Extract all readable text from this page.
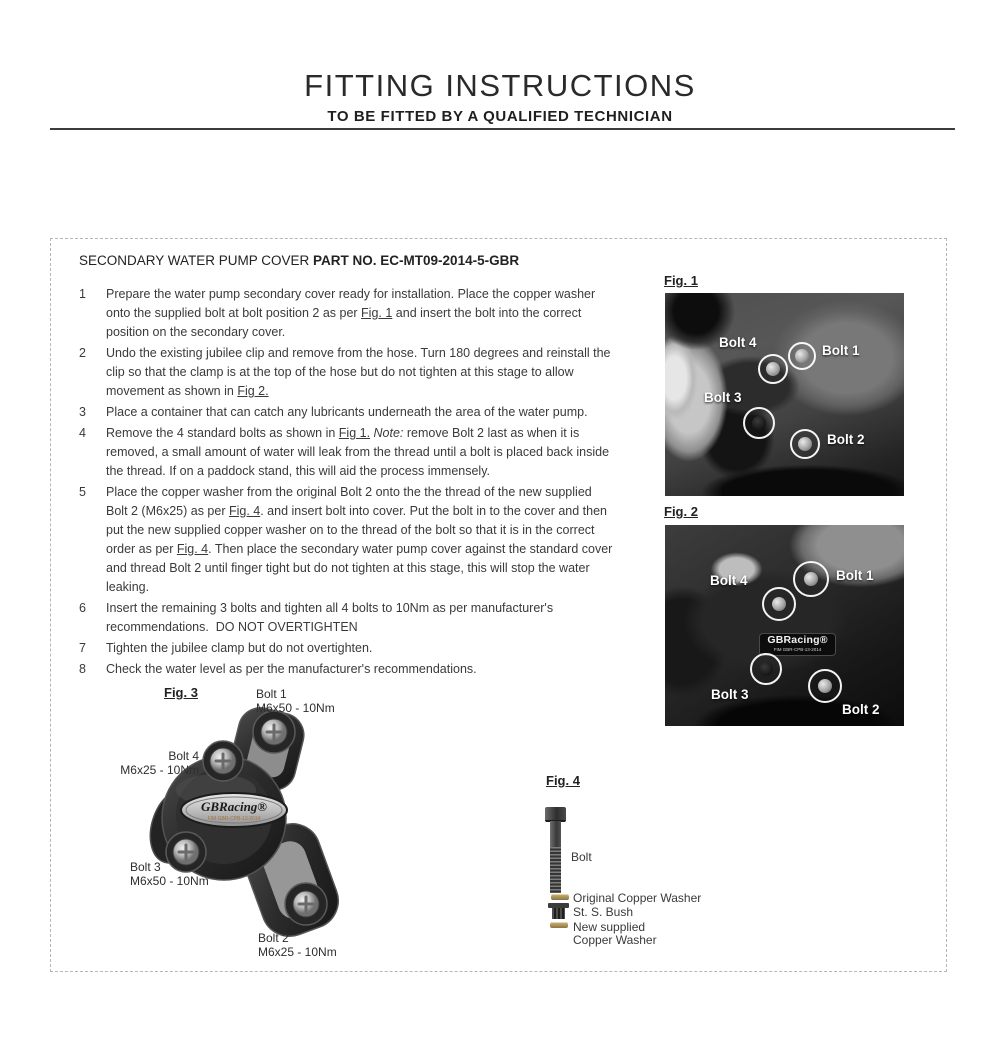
FITTING INSTRUCTIONS
TO BE FITTED BY A QUALIFIED TECHNICIAN
SECONDARY WATER PUMP COVER PART NO. EC-MT09-2014-5-GBR
1	Prepare the water pump secondary cover ready for installation. Place the copper washer onto the supplied bolt at bolt position 2 as per Fig. 1 and insert the bolt into the correct position on the secondary cover.
2	Undo the existing jubilee clip and remove from the hose. Turn 180 degrees and reinstall the clip so that the clamp is at the top of the hose but do not tighten at this stage to allow movement as shown in Fig 2.
3	Place a container that can catch any lubricants underneath the area of the water pump.
4	Remove the 4 standard bolts as shown in Fig 1. Note: remove Bolt 2 last as when it is removed, a small amount of water will leak from the thread until a bolt is placed back inside the thread. If on a paddock stand, this will aid the process immensely.
5	Place the copper washer from the original Bolt 2 onto the the thread of the new supplied Bolt 2 (M6x25) as per Fig. 4. and insert bolt into cover. Put the bolt in to the cover and then put the new supplied copper washer on to the thread of the bolt so that it is in the correct order as per Fig. 4. Then place the secondary water pump cover against the standard cover and thread Bolt 2 until finger tight but do not tighten at this stage, this will stop the water leaking.
6	Insert the remaining 3 bolts and tighten all 4 bolts to 10Nm as per manufacturer's recommendations.  DO NOT OVERTIGHTEN
7	Tighten the jubilee clamp but do not overtighten.
8	Check the water level as per the manufacturer's recommendations.
Fig. 1
Bolt 4
Bolt 1
Bolt 3
Bolt 2
Fig. 2
GBRacing®
FIM GBR-CPB-13-2014
Bolt 4	Bolt 1
Bolt 3
Bolt 2
Fig. 3
GBRacing®
FIM GBR-CPB-13-2014
Bolt 1
M6x50 - 10Nm
Bolt 4
M6x25 - 10Nm
Bolt 3
M6x50 - 10Nm
Bolt 2
M6x25 - 10Nm
Fig. 4
Bolt
Original Copper Washer
St. S. Bush
New supplied
Copper Washer
